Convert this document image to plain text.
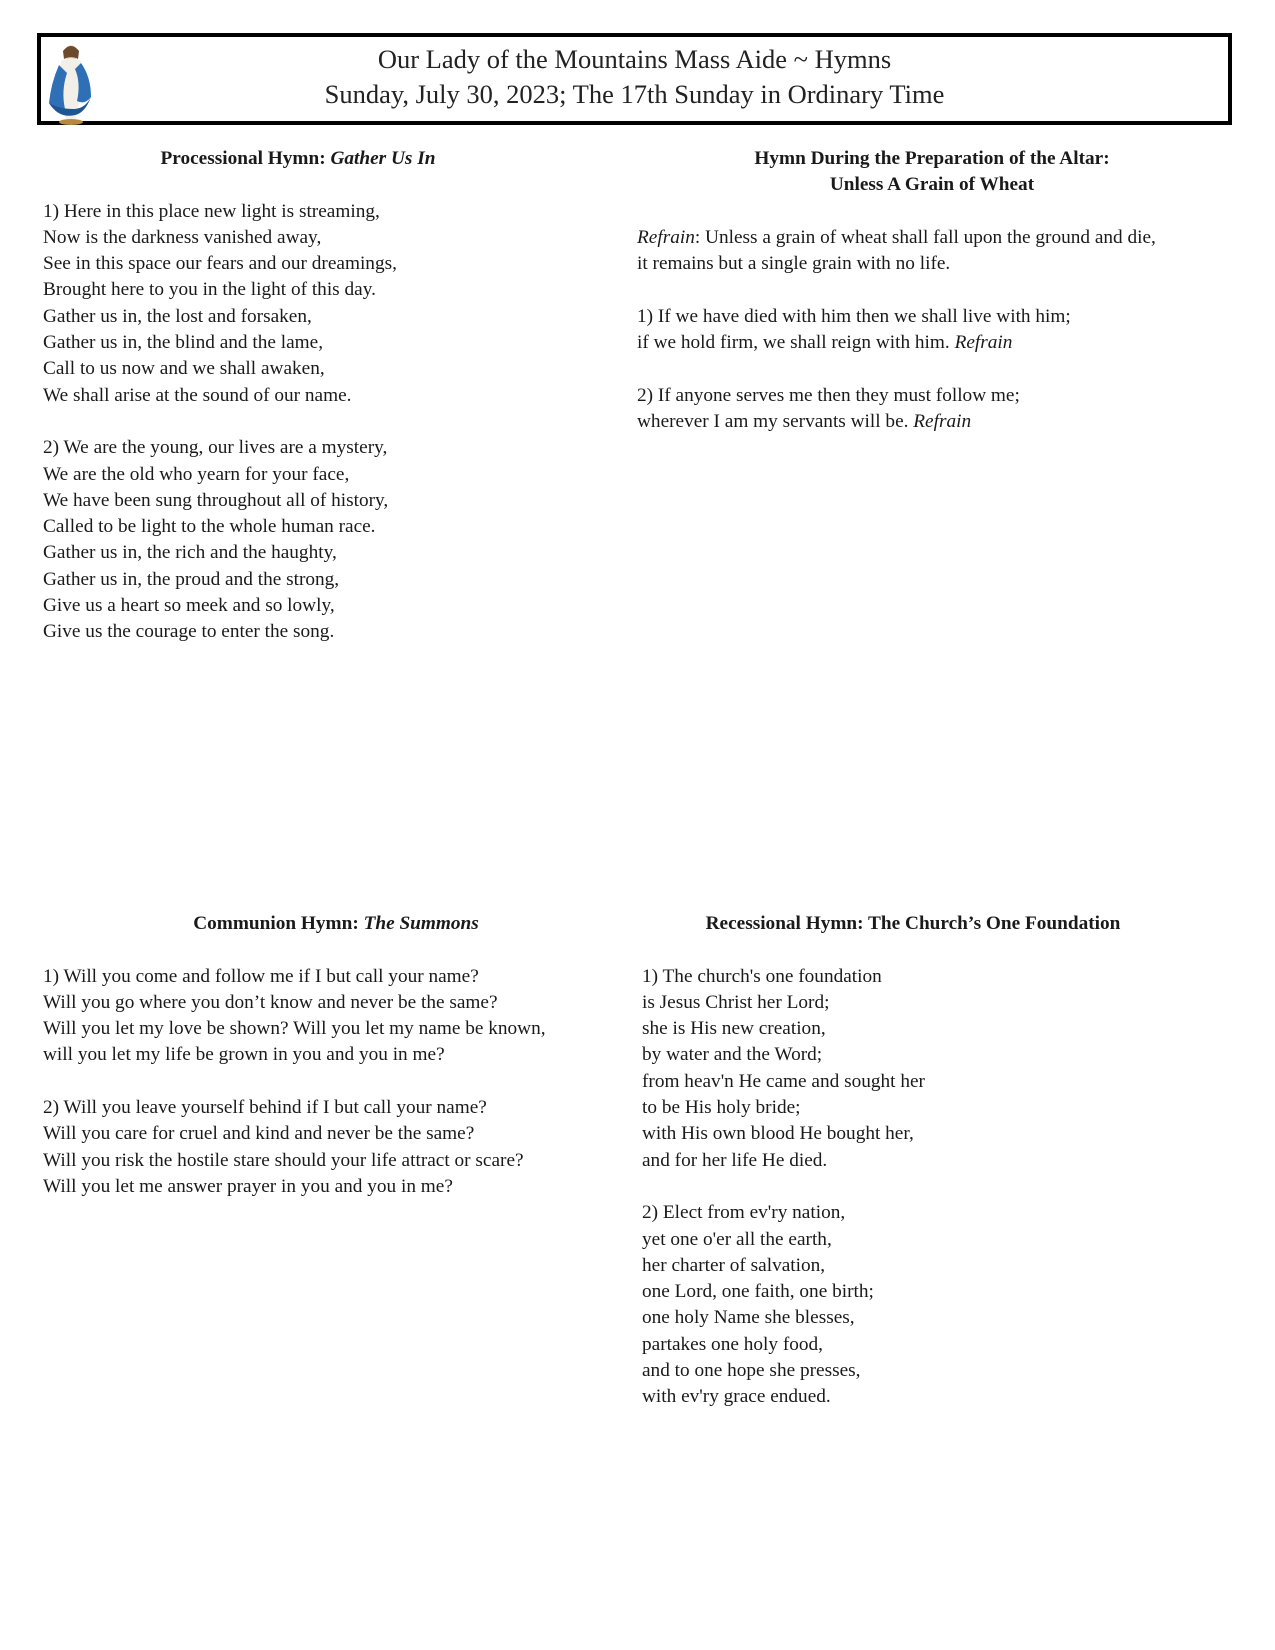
Our Lady of the Mountains Mass Aide ~ Hymns
Sunday, July 30, 2023; The 17th Sunday in Ordinary Time
Processional Hymn: Gather Us In
1) Here in this place new light is streaming,
Now is the darkness vanished away,
See in this space our fears and our dreamings,
Brought here to you in the light of this day.
Gather us in, the lost and forsaken,
Gather us in, the blind and the lame,
Call to us now and we shall awaken,
We shall arise at the sound of our name.
2) We are the young, our lives are a mystery,
We are the old who yearn for your face,
We have been sung throughout all of history,
Called to be light to the whole human race.
Gather us in, the rich and the haughty,
Gather us in, the proud and the strong,
Give us a heart so meek and so lowly,
Give us the courage to enter the song.
Hymn During the Preparation of the Altar:
Unless A Grain of Wheat
Refrain: Unless a grain of wheat shall fall upon the ground and die,
it remains but a single grain with no life.
1) If we have died with him then we shall live with him;
if we hold firm, we shall reign with him. Refrain
2) If anyone serves me then they must follow me;
wherever I am my servants will be. Refrain
Communion Hymn: The Summons
1) Will you come and follow me if I but call your name?
Will you go where you don’t know and never be the same?
Will you let my love be shown? Will you let my name be known,
will you let my life be grown in you and you in me?
2) Will you leave yourself behind if I but call your name?
Will you care for cruel and kind and never be the same?
Will you risk the hostile stare should your life attract or scare?
Will you let me answer prayer in you and you in me?
Recessional Hymn: The Church’s One Foundation
1) The church's one foundation
is Jesus Christ her Lord;
she is His new creation,
by water and the Word;
from heav'n He came and sought her
to be His holy bride;
with His own blood He bought her,
and for her life He died.
2) Elect from ev'ry nation,
yet one o'er all the earth,
her charter of salvation,
one Lord, one faith, one birth;
one holy Name she blesses,
partakes one holy food,
and to one hope she presses,
with ev'ry grace endued.
